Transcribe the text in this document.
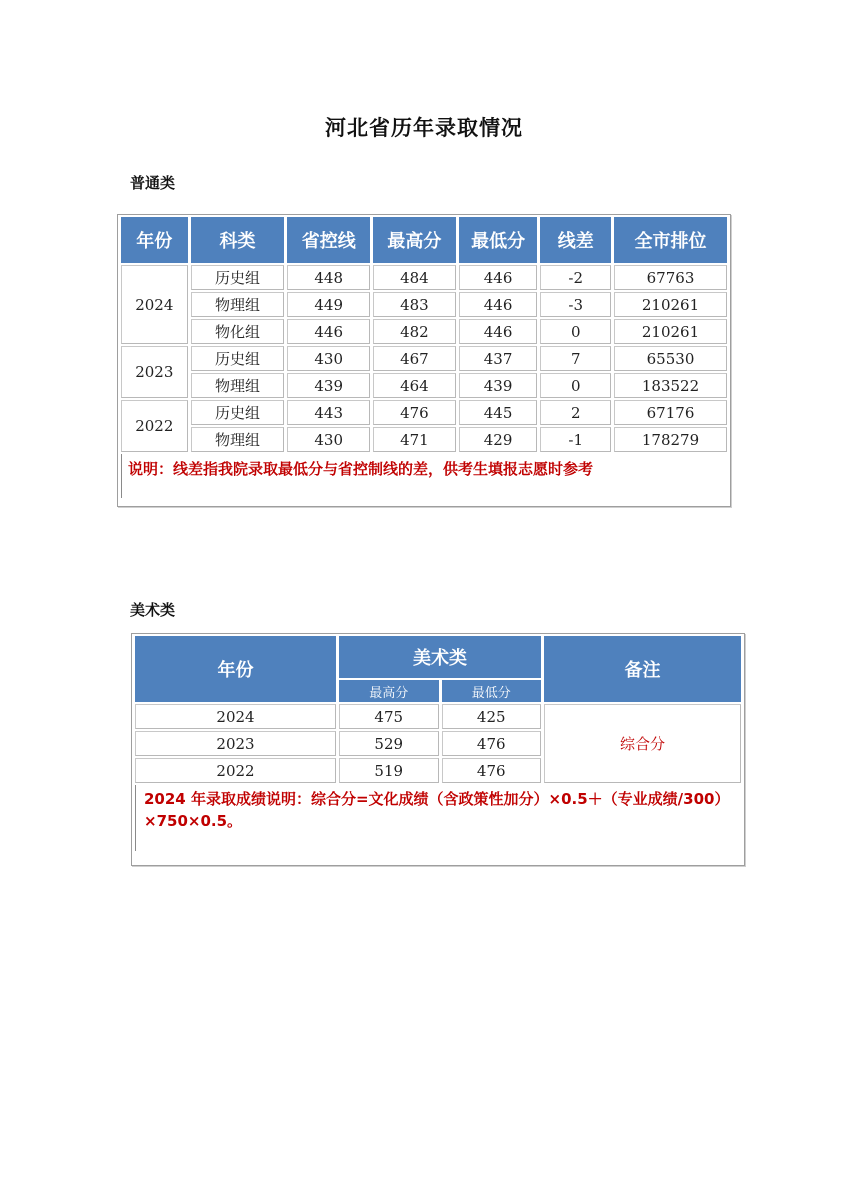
河北省历年录取情况
普通类
年份	科类	省控线	最高分	最低分	线差	全市排位
2024	历史组	448	484	446	-2	67763
	物理组	449	483	446	-3	210261
	物化组	446	482	446	0	210261
2023	历史组	430	467	437	7	65530
	物理组	439	464	439	0	183522
2022	历史组	443	476	445	2	67176
	物理组	430	471	429	-1	178279
说明：线差指我院录取最低分与省控制线的差，供考生填报志愿时参考						
美术类
年份	美术类		备注
	最高分	最低分	
2024	475	425	综合分
2023	529	476	
2022	519	476	
2024 年录取成绩说明：综合分=文化成绩（含政策性加分）×0.5＋（专业成绩/300）×750×0.5。			
